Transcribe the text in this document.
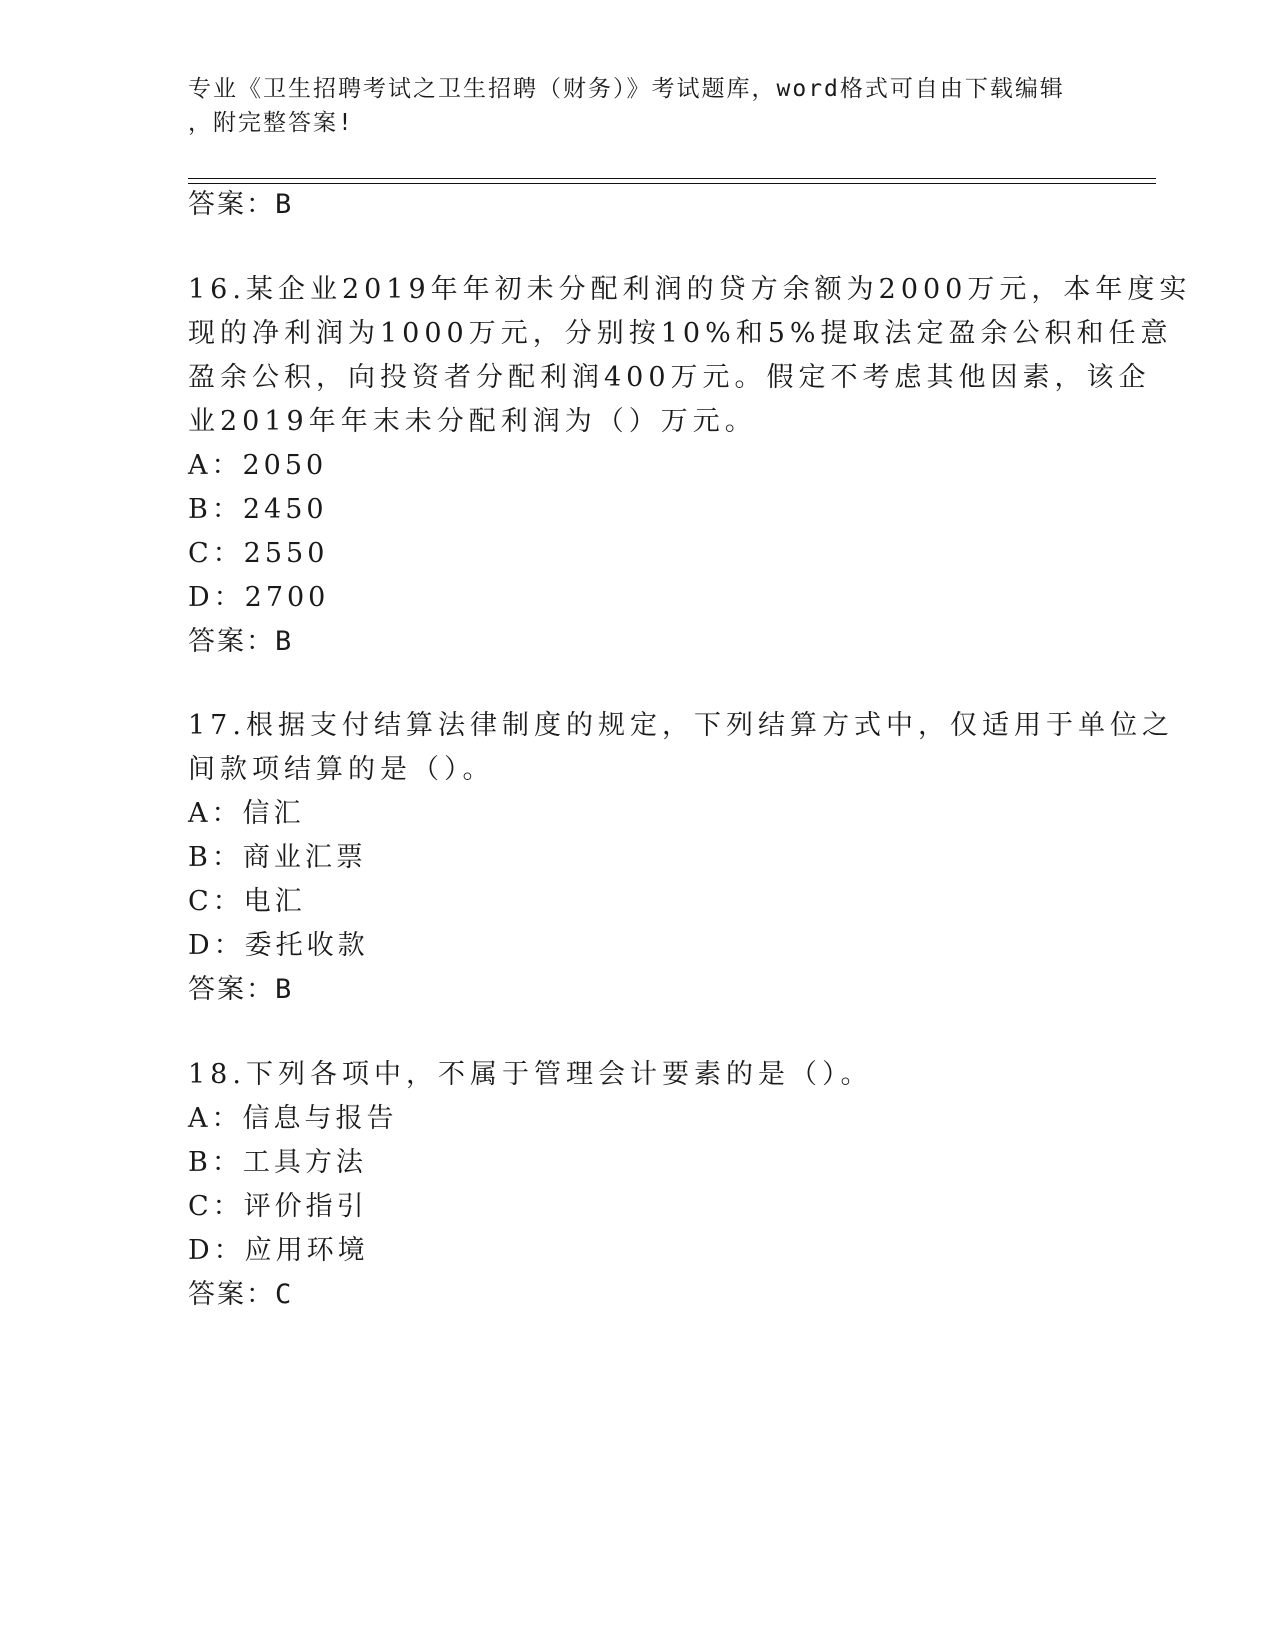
专业《卫生招聘考试之卫生招聘（财务）》考试题库，word格式可自由下载编辑
，附完整答案!
答案：B
16.某企业2019年年初未分配利润的贷方余额为2000万元，本年度实
现的净利润为1000万元，分别按10%和5%提取法定盈余公积和任意
盈余公积，向投资者分配利润400万元。假定不考虑其他因素，该企
业2019年年末未分配利润为（）万元。
A：2050
B：2450
C：2550
D：2700
答案：B
17.根据支付结算法律制度的规定，下列结算方式中，仅适用于单位之
间款项结算的是（）。
A：信汇
B：商业汇票
C：电汇
D：委托收款
答案：B
18.下列各项中，不属于管理会计要素的是（）。
A：信息与报告
B：工具方法
C：评价指引
D：应用环境
答案：C
